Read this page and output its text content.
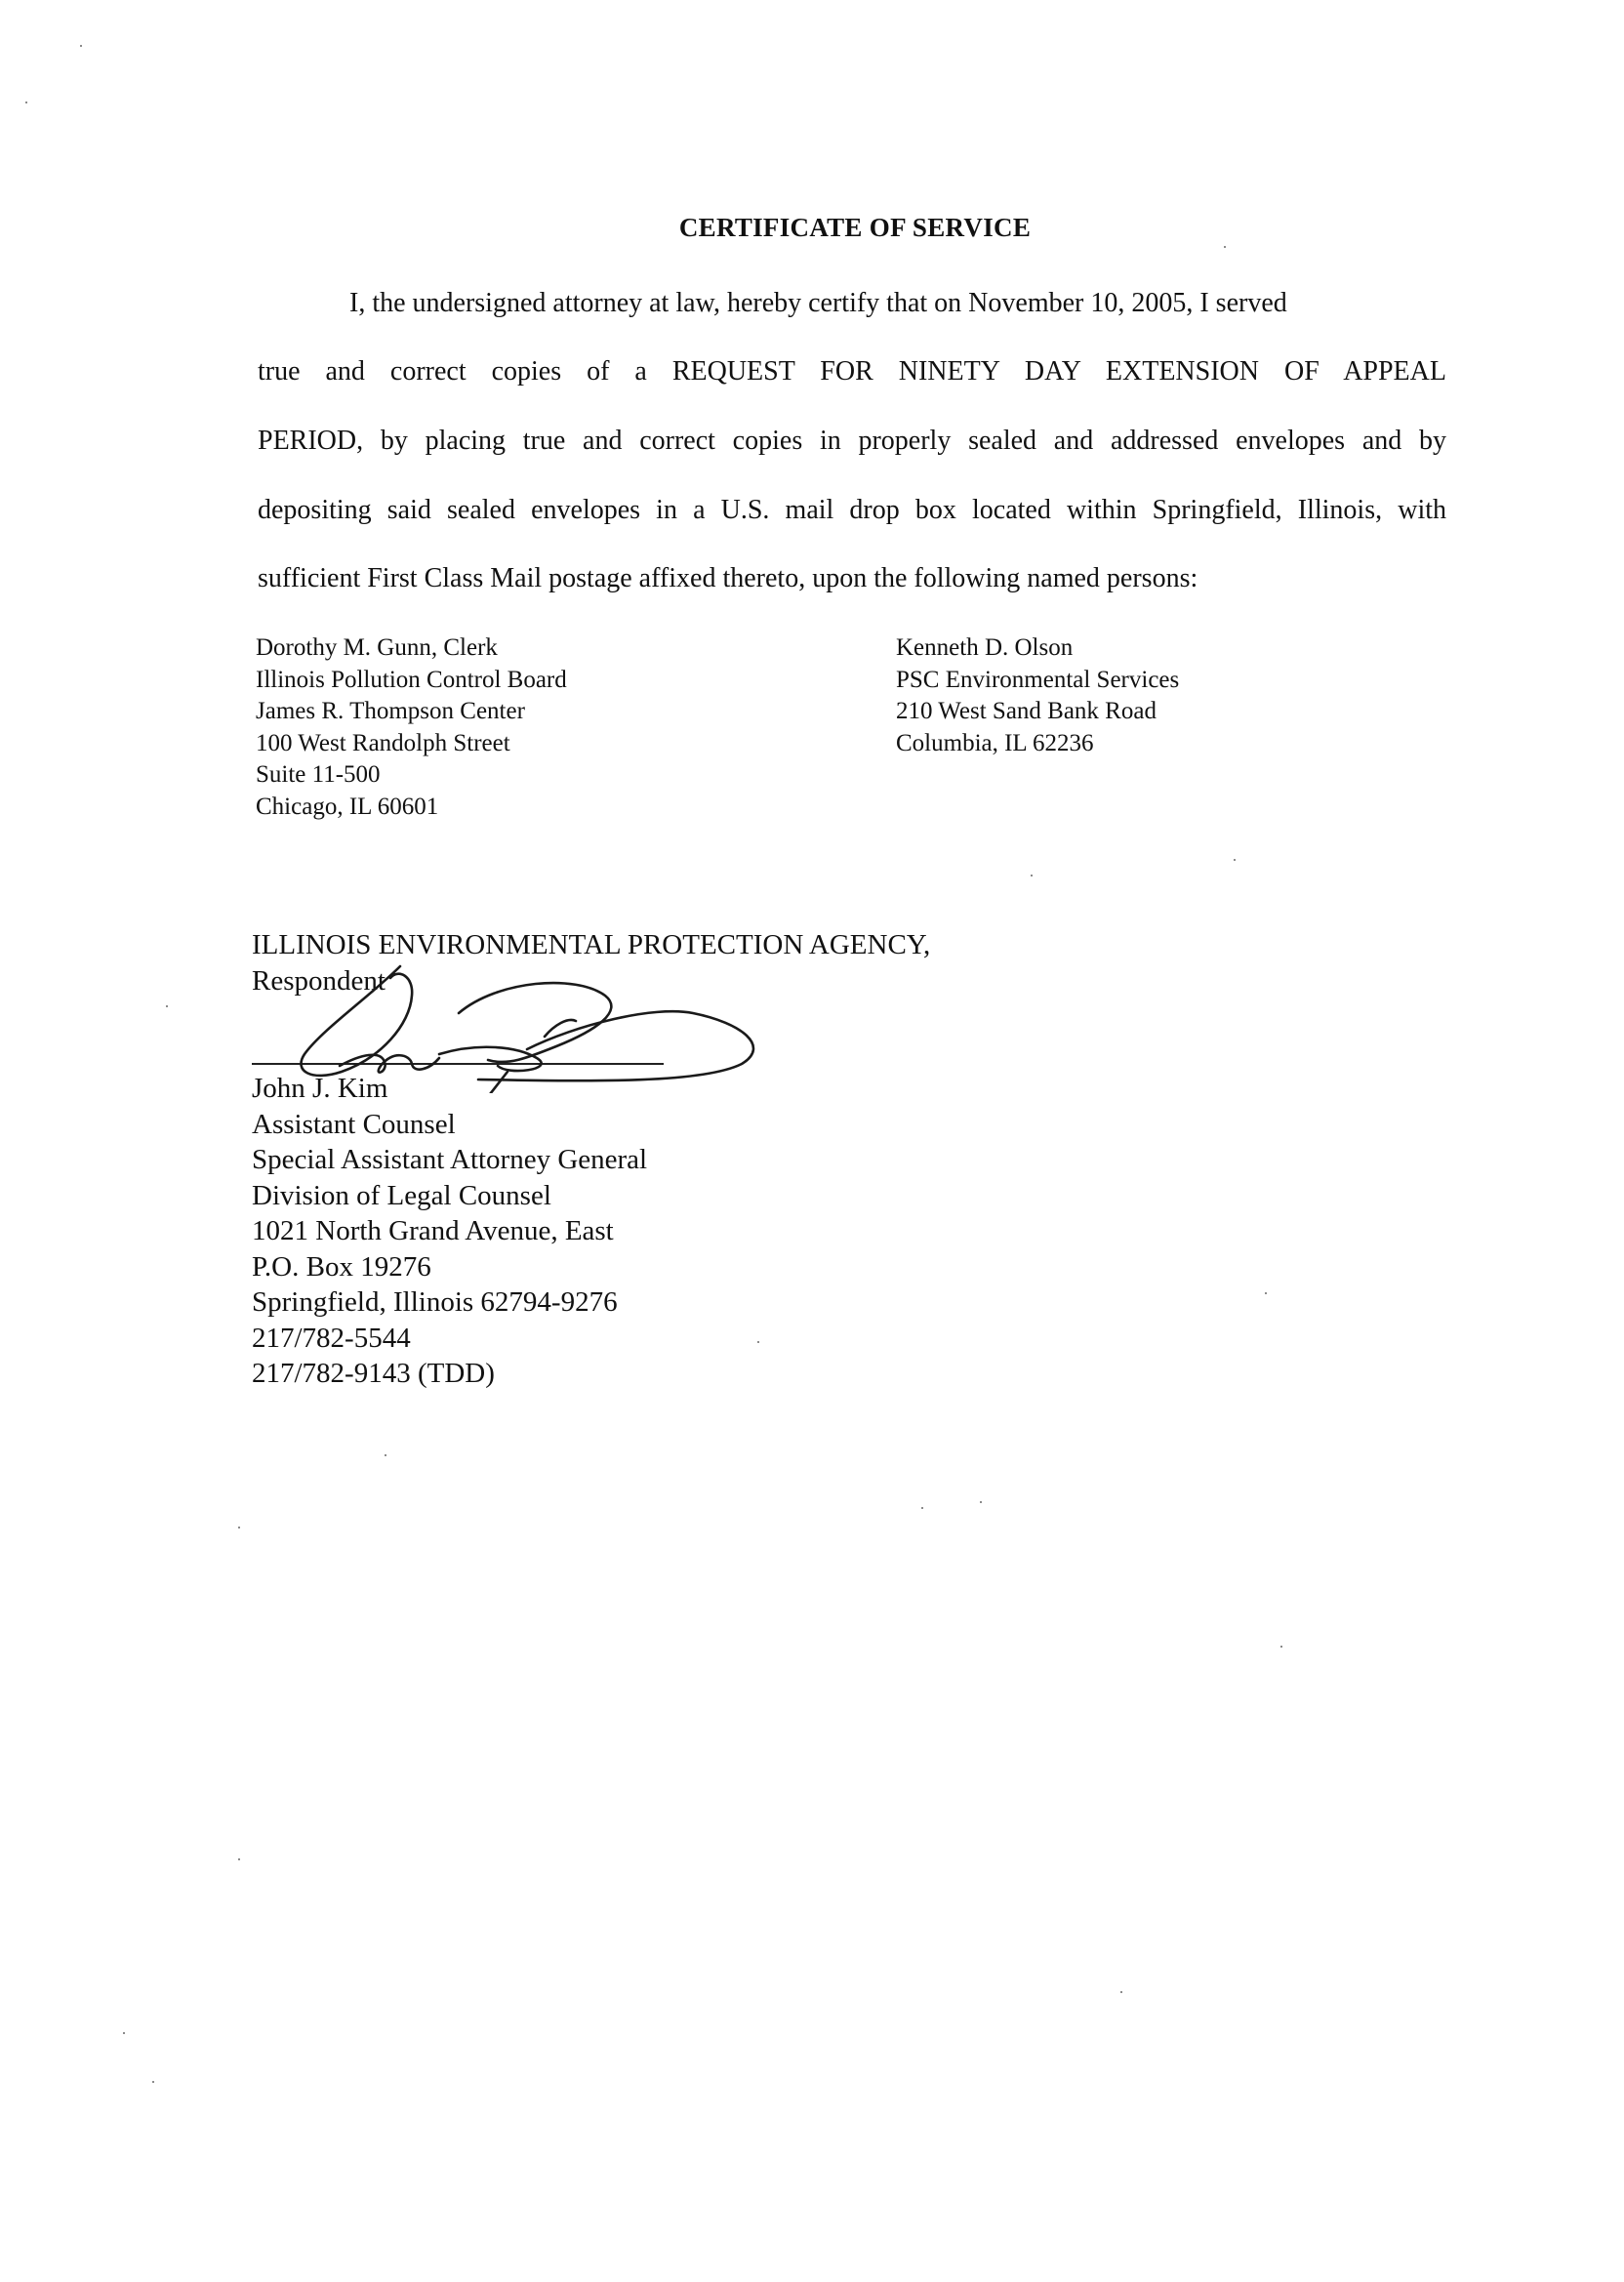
CERTIFICATE OF SERVICE
I, the undersigned attorney at law, hereby certify that on November 10, 2005, I served
true and correct copies of a REQUEST FOR NINETY DAY EXTENSION OF APPEAL
PERIOD, by placing true and correct copies in properly sealed and addressed envelopes and by
depositing said sealed envelopes in a U.S. mail drop box located within Springfield, Illinois, with
sufficient First Class Mail postage affixed thereto, upon the following named persons:
Dorothy M. Gunn, Clerk
Illinois Pollution Control Board
James R. Thompson Center
100 West Randolph Street
Suite 11-500
Chicago, IL 60601
Kenneth D. Olson
PSC Environmental Services
210 West Sand Bank Road
Columbia, IL 62236
ILLINOIS ENVIRONMENTAL PROTECTION AGENCY,
Respondent
John J. Kim
Assistant Counsel
Special Assistant Attorney General
Division of Legal Counsel
1021 North Grand Avenue, East
P.O. Box 19276
Springfield, Illinois 62794-9276
217/782-5544
217/782-9143 (TDD)
